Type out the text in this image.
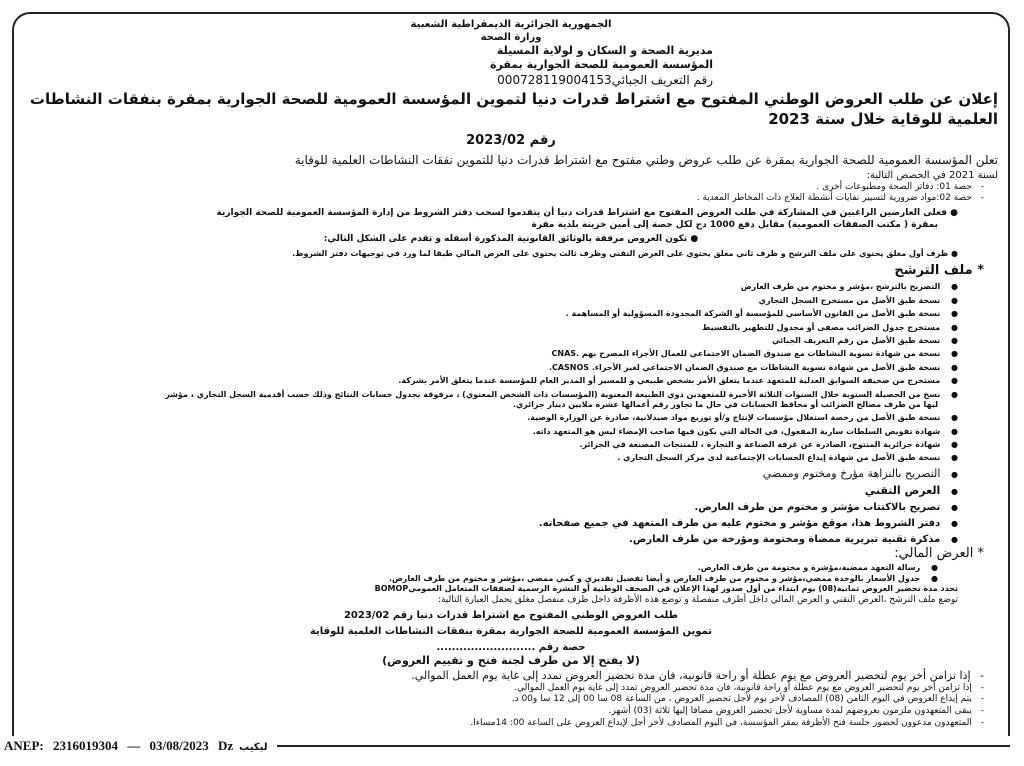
الجمهورية الجزائرية الديمقراطية الشعبية
وزارة الصحة
مديرية الصحة و السكان و لولاية المسيلة
المؤسسة العمومية للصحة الجوارية بمقرة
رقم التعريف الجبائي000728119004153
إعلان عن طلب العروض الوطني المفتوح مع اشتراط قدرات دنيا لتموين المؤسسة العمومية للصحة الجوارية بمقرة بنفقات النشاطات العلمية للوقاية خلال سنة 2023
رقم 2023/02
تعلن المؤسسة العمومية للصحة الجوارية بمقرة عن طلب عروض وطني مفتوح مع اشتراط قدرات دنيا للتموين نفقات النشاطات العلمية للوقاية
لسنة 2021 في الحصص التالية:
- حصة 01: دفاتر الصحة ومطبوعات أخرى .
- حصة 02:مواد ضرورية لتسيير نفايات أنشطة العلاج ذات المخاطر المعدية .
● فعلى العارضين الراغبين في المشاركة في طلب العروض المفتوح مع اشتراط قدرات دنيا أن يتقدموا لسحب دفتر الشروط من إدارة المؤسسة العمومية للصحة الجوارية
بمقرة ( مكتب الصفقات العمومية) مقابل دفع 1000 دج لكل حصة إلى أمين خزينة بلدية مقرة
● تكون العروض مرفقة بالوثائق القانونية المذكورة أسفله و تقدم على الشكل التالي:
● ظرف أول مغلق يحتوي على ملف الترشح و ظرف ثاني مغلق يحتوي على العرض التقني وظرف ثالث يحتوي على العرض المالي طبقا لما ورد في توجيهات دفتر الشروط.
* ملف الترشح
● التصريح بالترشح ،مؤشر و مختوم من طرف العارض
● نسخة طبق الأصل من مستخرج السجل التجاري
● نسخة طبق الأصل من القانون الأساسي للمؤسسة أو الشركة المحدودة المسؤولية أو المساهمة .
● مستخرج جدول الضرائب مصفى أو مجدول للتطهير بالتقسيط
● نسخة طبق الأصل من رقم التعريف الجبائي
● نسخة من شهادة تسوية النشاطات مع صندوق الضمان الاجتماعي للعمال الأجراء المصرح بهم .CNAS
● نسخة طبق الأصل من شهادة تسوية النشاطات مع صندوق الضمان الاجتماعي لغير الأجراء. CASNOS.
● مستخرج من صحيفة السوابق العدلية للمتعهد عندما يتعلق الأمر بشخص طبيعي و للمسير أو المدير العام للمؤسسة عندما يتعلق الأمر بشركة.
● نسخ من الحصيلة السنوية خلال السنوات الثلاثة الأخيرة للمتعهدين ذوي الطبيعة المعنوية (المؤسسات ذات الشخص المعنوي) ، مرفوقة بجدول حسابات النتائج وذلك حسب أقدمية السجل التجاري ، مؤشر
ليها من طرف مصالح الضرائب أو محافظ الحسابات في حال ما تجاوز رقم أعمالها عشرة ملايين دينار جزائري.
● نسخة طبق الأصل من رخصة استغلال مؤسسات لإنتاج و/أو توزيع مواد صيدلانية، صادرة عن الوزارة الوصية.
● شهادة تفويض السلطات سارية المفعول، في الحالة التي يكون فيها صاحب الإمضاء ليس هو المتعهد ذاته.
● شهادة جزائرية المنتوج، الصادرة عن غرفة الصناعة و التجارة ، للمنتجات المصنعة في الجزائر.
● نسخة طبق الأصل من شهادة إيداع الحسابات الإجتماعية لدى مركز السجل التجاري .
● التصريح بالنزاهة مؤرخ ومختوم وممضي
● العرض التقني
● تصريح بالاكتتاب مؤشر و مختوم من طرف العارض.
● دفتر الشروط هذا، موقع مؤشر و مختوم عليه من طرف المتعهد في جميع صفحاته.
● مذكرة تقنية تبريرية ممضاة ومختومة ومؤرخة من طرف العارض.
* العرض المالي:
● رسالة التعهد ممضية،مؤشرة و مختومة من طرف العارض.
● جدول الأسعار بالوحدة ممضي،مؤشر و مختوم من طرف العارض و أيضا تفصيل تقديري و كمي ممضي ،مؤشر و مختوم من طرف العارض.
تحدد مدة تحضير العروض ثمانية(08) يوم ابتداء من أول صدور لهذا الإعلان في الصحف الوطنية أو النشرة الرسمية لصفقات المتعامل العموميBOMOP
توضع ملف الترشح ،العرض التقني و العرض المالي داخل أظرف منفصلة و توضع هذه الأظرفة داخل ظرف منفصل مغلق يحمل العبارة التالية:
طلب العروض الوطني المفتوح مع اشتراط قدرات دنيا رقم 2023/02
تموين المؤسسة العمومية للصحة الجوارية بمقرة بنفقات النشاطات العلمية للوقاية
حصة رقم ..........................
(لا يفتح إلا من طرف لجنة فتح و تقييم العروض)
- إذا تزامن أخر يوم لتحضير العروض مع يوم عطلة أو راحة قانونية، فان مدة تحضير العروض تمدد إلى غاية يوم العمل الموالي.
- إذا تزامن أخر يوم لتحضير العروض مع يوم عطلة أو راحة قانونية، فان مدة تحضير العروض تمدد إلى غاية يوم العمل الموالي.
- يتم إيداع العروض في اليوم الثامن (08) المصادف لأخر يوم لأجل تحضير العروض ، من الساعة 08 سا 00 إلى 12 سا و00 د.
- يبقى المتعهدون ملزمون بعروضهم لمدة مساوية لأجل تحضير العروض مضافا إليها ثلاثة (03) أشهر.
- المتعهدون مدعوون لحضور جلسة فتح الأظرفة بمقر المؤسسة، في اليوم المصادف لأخر أجل لإيداع العروض على الساعة 00: 14مساءا.
ANEP: 2316019304 — 03/08/2023 Dz ليكيب
